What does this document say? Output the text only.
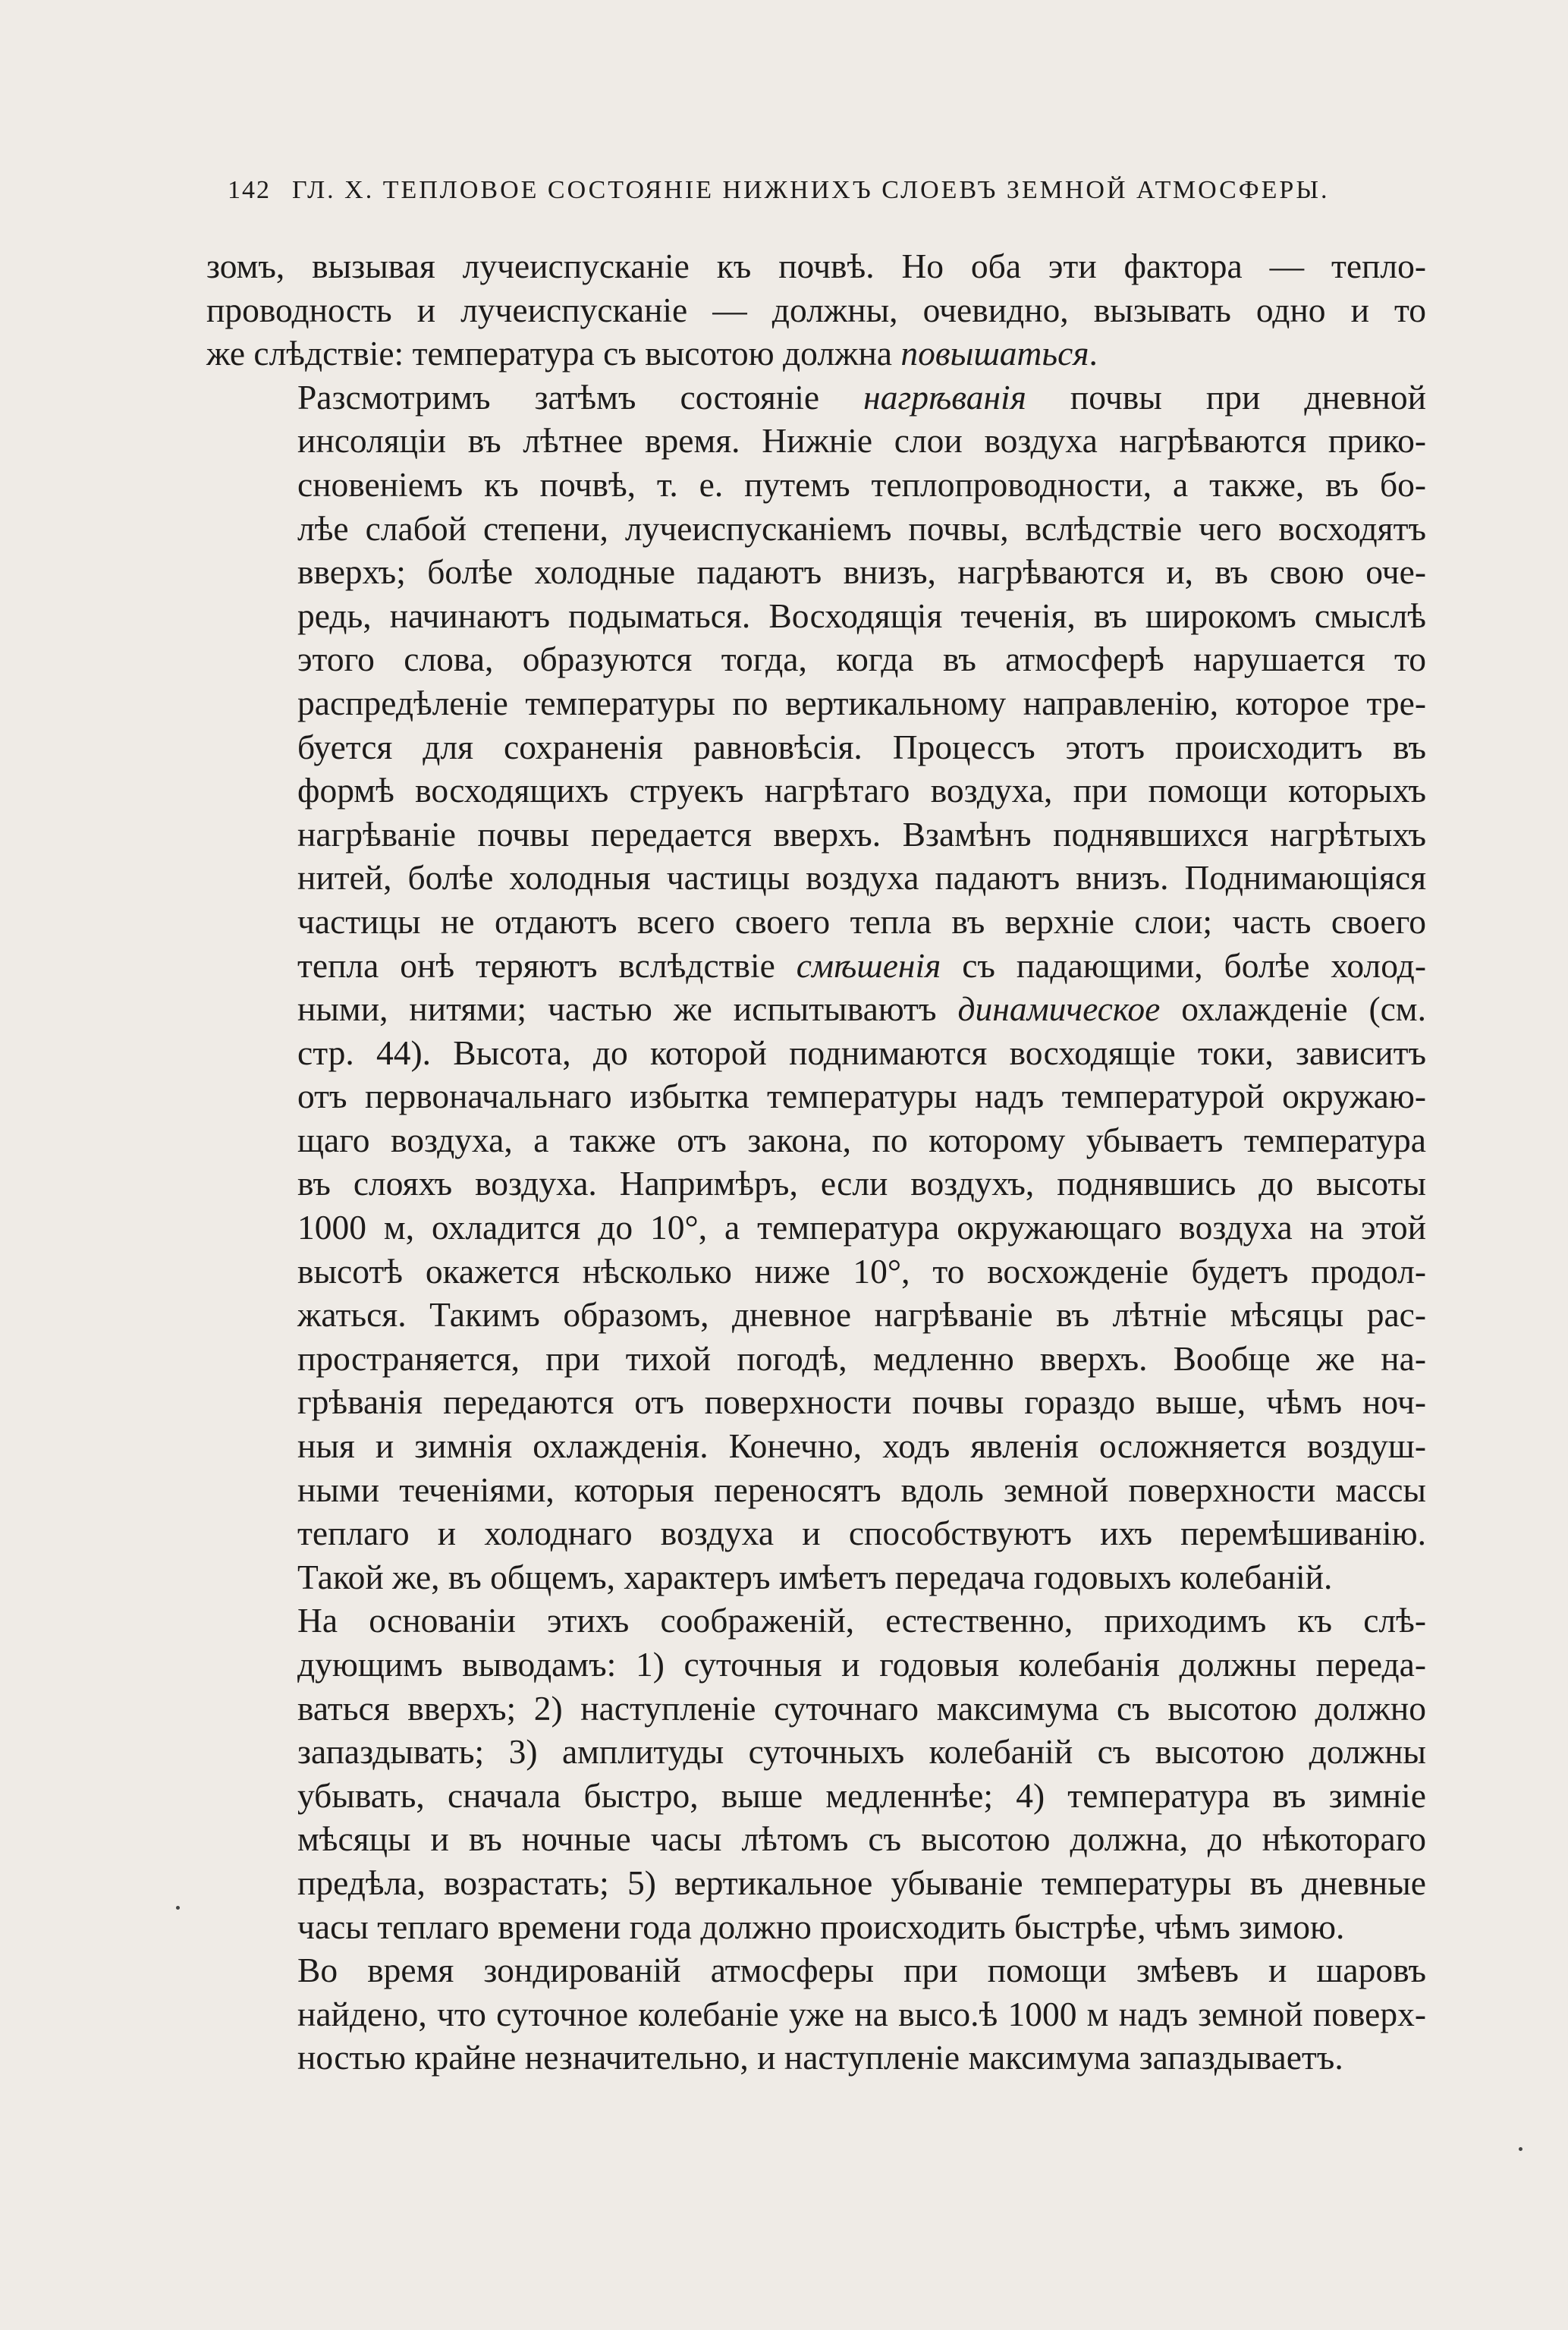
142 ГЛ. Х. ТЕПЛОВОЕ СОСТОЯНІЕ НИЖНИХЪ СЛОЕВЪ ЗЕМНОЙ АТМОСФЕРЫ.

зомъ, вызывая лучеиспусканіе къ почвѣ. Но оба эти фактора — тепло-
проводность и лучеиспусканіе — должны, очевидно, вызывать одно и то
же слѣдствіе: температура съ высотою должна повышаться.

Разсмотримъ затѣмъ состояніе нагрѣванія почвы при дневной
инсоляціи въ лѣтнее время. Нижніе слои воздуха нагрѣваются прико-
сновеніемъ къ почвѣ, т. е. путемъ теплопроводности, а также, въ бо-
лѣе слабой степени, лучеиспусканіемъ почвы, вслѣдствіе чего восходятъ
вверхъ; болѣе холодные падаютъ внизъ, нагрѣваются и, въ свою оче-
редь, начинаютъ подыматься. Восходящія теченія, въ широкомъ смыслѣ
этого слова, образуются тогда, когда въ атмосферѣ нарушается то
распредѣленіе температуры по вертикальному направленію, которое тре-
буется для сохраненія равновѣсія. Процессъ этотъ происходитъ въ
формѣ восходящихъ струекъ нагрѣтаго воздуха, при помощи которыхъ
нагрѣваніе почвы передается вверхъ. Взамѣнъ поднявшихся нагрѣтыхъ
нитей, болѣе холодныя частицы воздуха падаютъ внизъ. Поднимающіяся
частицы не отдаютъ всего своего тепла въ верхніе слои; часть своего
тепла онѣ теряютъ вслѣдствіе смѣшенія съ падающими, болѣе холод-
ными, нитями; частью же испытываютъ динамическое охлажденіе (см.
стр. 44). Высота, до которой поднимаются восходящіе токи, зависитъ
отъ первоначальнаго избытка температуры надъ температурой окружаю-
щаго воздуха, а также отъ закона, по которому убываетъ температура
въ слояхъ воздуха. Напримѣръ, если воздухъ, поднявшись до высоты
1000 м, охладится до 10°, а температура окружающаго воздуха на этой
высотѣ окажется нѣсколько ниже 10°, то восхожденіе будетъ продол-
жаться. Такимъ образомъ, дневное нагрѣваніе въ лѣтніе мѣсяцы рас-
пространяется, при тихой погодѣ, медленно вверхъ. Вообще же на-
грѣванія передаются отъ поверхности почвы гораздо выше, чѣмъ ноч-
ныя и зимнія охлажденія. Конечно, ходъ явленія осложняется воздуш-
ными теченіями, которыя переносятъ вдоль земной поверхности массы
теплаго и холоднаго воздуха и способствуютъ ихъ перемѣшиванію.
Такой же, въ общемъ, характеръ имѣетъ передача годовыхъ колебаній.

На основаніи этихъ соображеній, естественно, приходимъ къ слѣ-
дующимъ выводамъ: 1) суточныя и годовыя колебанія должны переда-
ваться вверхъ; 2) наступленіе суточнаго максимума съ высотою должно
запаздывать; 3) амплитуды суточныхъ колебаній съ высотою должны
убывать, сначала быстро, выше медленнѣе; 4) температура въ зимніе
мѣсяцы и въ ночные часы лѣтомъ съ высотою должна, до нѣкотораго
предѣла, возрастать; 5) вертикальное убываніе температуры въ дневные
часы теплаго времени года должно происходить быстрѣе, чѣмъ зимою.

Во время зондированій атмосферы при помощи змѣевъ и шаровъ
найдено, что суточное колебаніе уже на высо.ѣ 1000 м надъ земной поверх-
ностью крайне незначительно, и наступленіе максимума запаздываетъ.
